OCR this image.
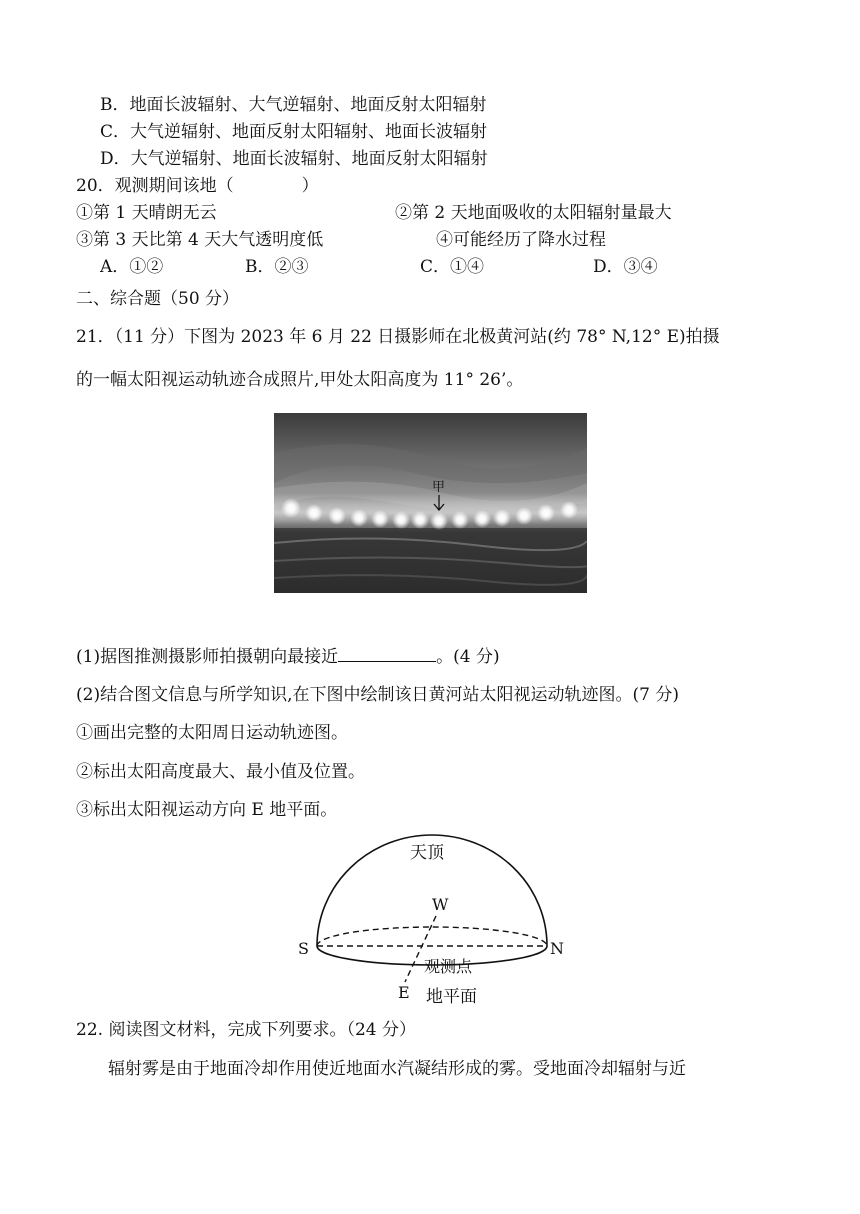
B．地面长波辐射、大气逆辐射、地面反射太阳辐射
C．大气逆辐射、地面反射太阳辐射、地面长波辐射
D．大气逆辐射、地面长波辐射、地面反射太阳辐射
20．观测期间该地（　　　　）
①第 1 天晴朗无云	②第 2 天地面吸收的太阳辐射量最大
③第 3 天比第 4 天大气透明度低	④可能经历了降水过程
A．①②	B．②③	C．①④	D．③④
二、综合题（50 分）
21．（11 分）下图为 2023 年 6 月 22 日摄影师在北极黄河站(约 78° N,12° E)拍摄
的一幅太阳视运动轨迹合成照片,甲处太阳高度为 11° 26’。
甲
(1)据图推测摄影师拍摄朝向最接近	。(4 分)
(2)结合图文信息与所学知识,在下图中绘制该日黄河站太阳视运动轨迹图。(7 分)
①画出完整的太阳周日运动轨迹图。
②标出太阳高度最大、最小值及位置。
③标出太阳视运动方向 E 地平面。
天顶
W
S	N
观测点
E 地平面
22. 阅读图文材料，完成下列要求。（24 分）
辐射雾是由于地面冷却作用使近地面水汽凝结形成的雾。受地面冷却辐射与近
